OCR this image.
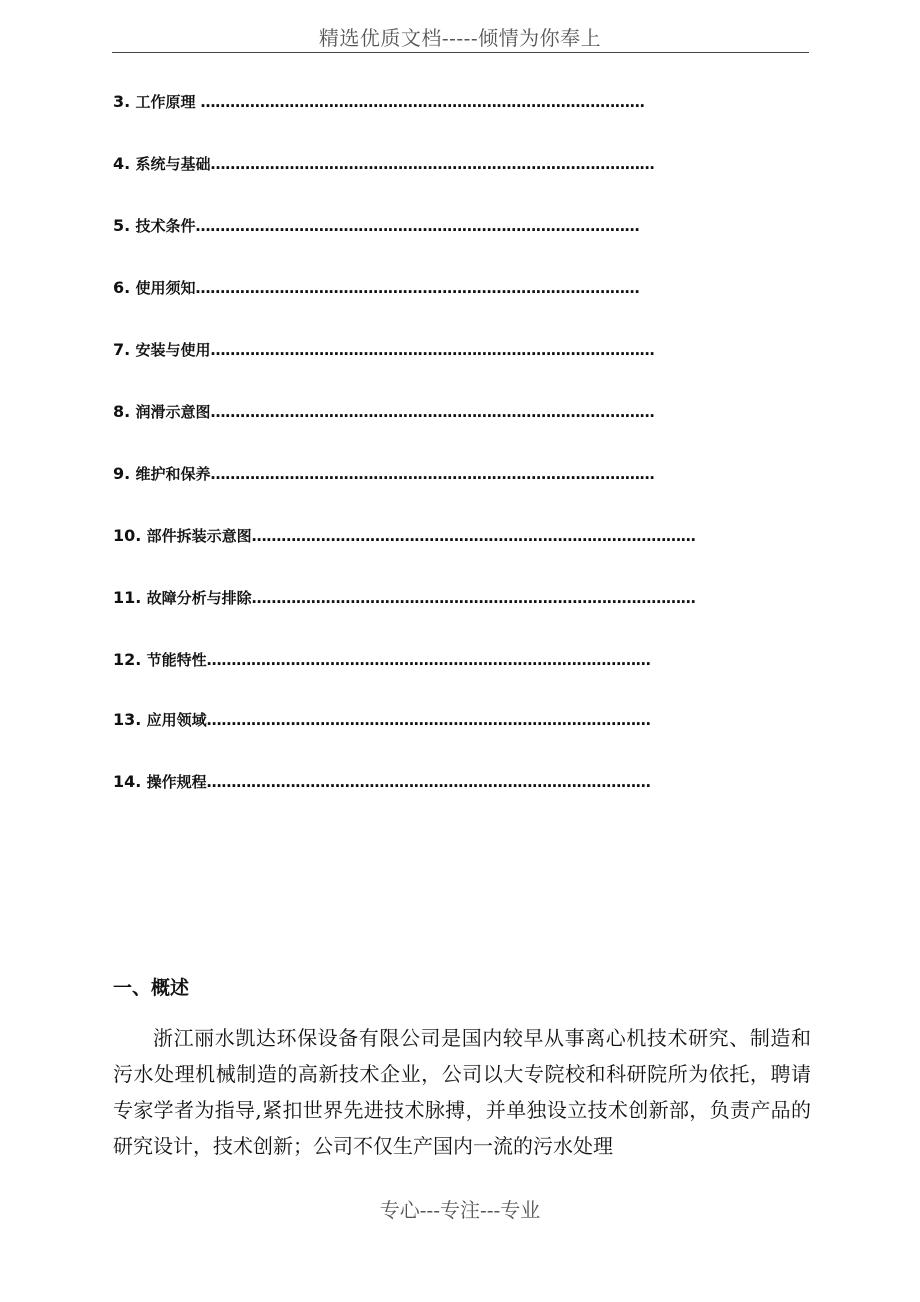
精选优质文档-----倾情为你奉上
3. 工作原理 ………………………………………………………………………………
4. 系统与基础………………………………………………………………………………
5. 技术条件………………………………………………………………………………
6. 使用须知………………………………………………………………………………
7. 安装与使用………………………………………………………………………………
8. 润滑示意图………………………………………………………………………………
9. 维护和保养………………………………………………………………………………
10. 部件拆装示意图………………………………………………………………………………
11. 故障分析与排除………………………………………………………………………………
12. 节能特性………………………………………………………………………………
13. 应用领域………………………………………………………………………………
14. 操作规程………………………………………………………………………………
一、概述
浙江丽水凯达环保设备有限公司是国内较早从事离心机技术研究、制造和污水处理机械制造的高新技术企业，公司以大专院校和科研院所为依托，聘请专家学者为指导,紧扣世界先进技术脉搏，并单独设立技术创新部，负责产品的研究设计，技术创新；公司不仅生产国内一流的污水处理
专心---专注---专业
